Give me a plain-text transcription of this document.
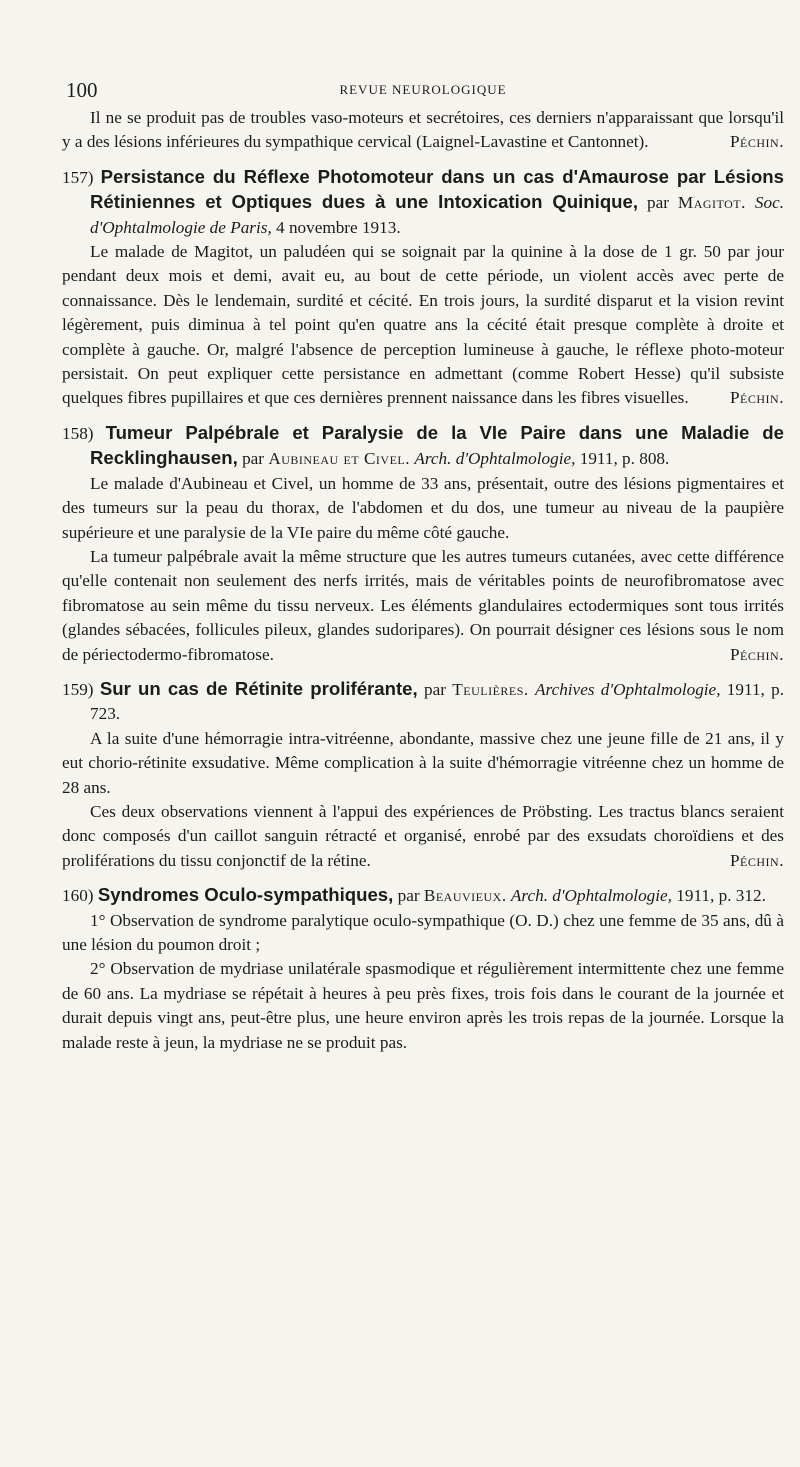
100	REVUE NEUROLOGIQUE

Il ne se produit pas de troubles vaso-moteurs et secrétoires, ces derniers n'apparaissant que lorsqu'il y a des lésions inférieures du sympathique cervical (Laignel-Lavastine et Cantonnet).	Péchin.

157) Persistance du Réflexe Photomoteur dans un cas d'Amaurose par Lésions Rétiniennes et Optiques dues à une Intoxication Quinique, par Magitot. Soc. d'Ophtalmologie de Paris, 4 novembre 1913.

Le malade de Magitot, un paludéen qui se soignait par la quinine à la dose de 1 gr. 50 par jour pendant deux mois et demi, avait eu, au bout de cette période, un violent accès avec perte de connaissance. Dès le lendemain, surdité et cécité. En trois jours, la surdité disparut et la vision revint légèrement, puis diminua à tel point qu'en quatre ans la cécité était presque complète à droite et complète à gauche. Or, malgré l'absence de perception lumineuse à gauche, le réflexe photo-moteur persistait. On peut expliquer cette persistance en admettant (comme Robert Hesse) qu'il subsiste quelques fibres pupillaires et que ces dernières prennent naissance dans les fibres visuelles.	Péchin.

158) Tumeur Palpébrale et Paralysie de la VIe Paire dans une Maladie de Recklinghausen, par Aubineau et Civel. Arch. d'Ophtalmologie, 1911, p. 808.

Le malade d'Aubineau et Civel, un homme de 33 ans, présentait, outre des lésions pigmentaires et des tumeurs sur la peau du thorax, de l'abdomen et du dos, une tumeur au niveau de la paupière supérieure et une paralysie de la VIe paire du même côté gauche.

La tumeur palpébrale avait la même structure que les autres tumeurs cutanées, avec cette différence qu'elle contenait non seulement des nerfs irrités, mais de véritables points de neurofibromatose avec fibromatose au sein même du tissu nerveux. Les éléments glandulaires ectodermiques sont tous irrités (glandes sébacées, follicules pileux, glandes sudoripares). On pourrait désigner ces lésions sous le nom de périectodermo-fibromatose.	Péchin.

159) Sur un cas de Rétinite proliférante, par Teulières. Archives d'Ophtalmologie, 1911, p. 723.

A la suite d'une hémorragie intra-vitréenne, abondante, massive chez une jeune fille de 21 ans, il y eut chorio-rétinite exsudative. Même complication à la suite d'hémorragie vitréenne chez un homme de 28 ans.

Ces deux observations viennent à l'appui des expériences de Pröbsting. Les tractus blancs seraient donc composés d'un caillot sanguin rétracté et organisé, enrobé par des exsudats choroïdiens et des proliférations du tissu conjonctif de la rétine.	Péchin.

160) Syndromes Oculo-sympathiques, par Beauvieux. Arch. d'Ophtalmologie, 1911, p. 312.

1° Observation de syndrome paralytique oculo-sympathique (O. D.) chez une femme de 35 ans, dû à une lésion du poumon droit ;

2° Observation de mydriase unilatérale spasmodique et régulièrement intermittente chez une femme de 60 ans. La mydriase se répétait à heures à peu près fixes, trois fois dans le courant de la journée et durait depuis vingt ans, peut-être plus, une heure environ après les trois repas de la journée. Lorsque la malade reste à jeun, la mydriase ne se produit pas.
